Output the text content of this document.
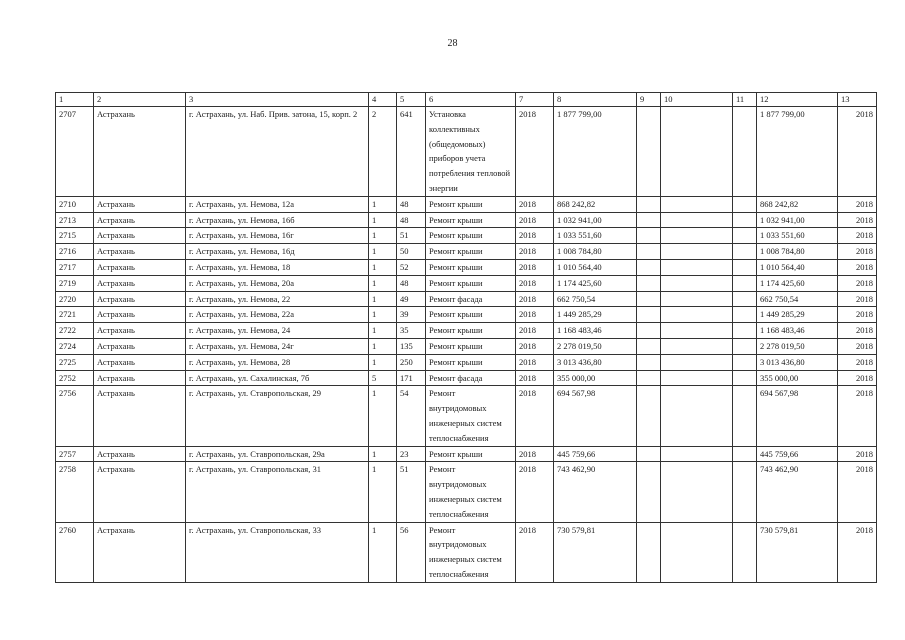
28
1	2	3	4	5	6	7	8	9	10	11	12	13
2707	Астрахань	г. Астрахань, ул. Наб. Прив. затона, 15, корп. 2	2	641	Установка коллективных (общедомовых) приборов учета потребления тепловой энергии	2018	1 877 799,00				1 877 799,00	2018
2710	Астрахань	г. Астрахань, ул. Немова, 12а	1	48	Ремонт крыши	2018	868 242,82				868 242,82	2018
2713	Астрахань	г. Астрахань, ул. Немова, 16б	1	48	Ремонт крыши	2018	1 032 941,00				1 032 941,00	2018
2715	Астрахань	г. Астрахань, ул. Немова, 16г	1	51	Ремонт крыши	2018	1 033 551,60				1 033 551,60	2018
2716	Астрахань	г. Астрахань, ул. Немова, 16д	1	50	Ремонт крыши	2018	1 008 784,80				1 008 784,80	2018
2717	Астрахань	г. Астрахань, ул. Немова, 18	1	52	Ремонт крыши	2018	1 010 564,40				1 010 564,40	2018
2719	Астрахань	г. Астрахань, ул. Немова, 20а	1	48	Ремонт крыши	2018	1 174 425,60				1 174 425,60	2018
2720	Астрахань	г. Астрахань, ул. Немова, 22	1	49	Ремонт фасада	2018	662 750,54				662 750,54	2018
2721	Астрахань	г. Астрахань, ул. Немова, 22а	1	39	Ремонт крыши	2018	1 449 285,29				1 449 285,29	2018
2722	Астрахань	г. Астрахань, ул. Немова, 24	1	35	Ремонт крыши	2018	1 168 483,46				1 168 483,46	2018
2724	Астрахань	г. Астрахань, ул. Немова, 24г	1	135	Ремонт крыши	2018	2 278 019,50				2 278 019,50	2018
2725	Астрахань	г. Астрахань, ул. Немова, 28	1	250	Ремонт крыши	2018	3 013 436,80				3 013 436,80	2018
2752	Астрахань	г. Астрахань, ул. Сахалинская, 7б	5	171	Ремонт фасада	2018	355 000,00				355 000,00	2018
2756	Астрахань	г. Астрахань, ул. Ставропольская, 29	1	54	Ремонт внутридомовых инженерных систем теплоснабжения	2018	694 567,98				694 567,98	2018
2757	Астрахань	г. Астрахань, ул. Ставропольская, 29а	1	23	Ремонт крыши	2018	445 759,66				445 759,66	2018
2758	Астрахань	г. Астрахань, ул. Ставропольская, 31	1	51	Ремонт внутридомовых инженерных систем теплоснабжения	2018	743 462,90				743 462,90	2018
2760	Астрахань	г. Астрахань, ул. Ставропольская, 33	1	56	Ремонт внутридомовых инженерных систем теплоснабжения	2018	730 579,81				730 579,81	2018
